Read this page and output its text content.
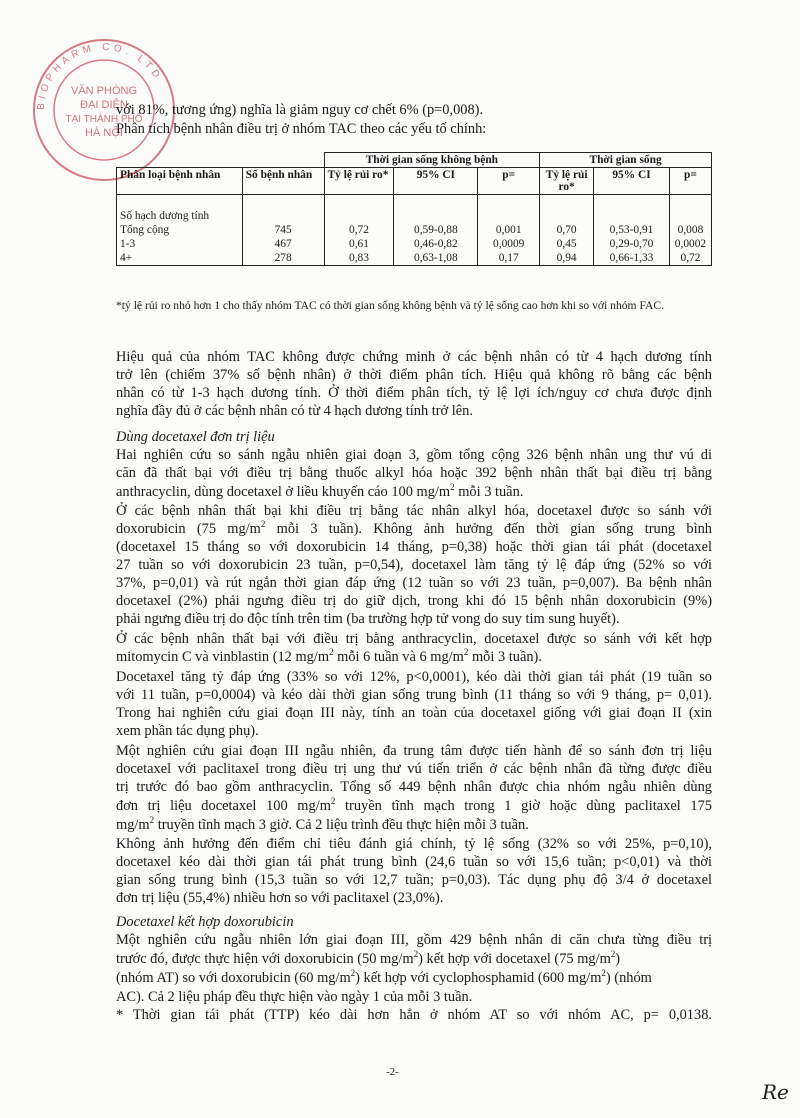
BIOPHARM CO. LTD
VĂN PHÒNG
ĐẠI DIỆN
TẠI THÀNH PHỐ
HÀ NỘI
với 81%, tương ứng) nghĩa là giảm nguy cơ chết 6% (p=0,008).
Phân tích bệnh nhân điều trị ở nhóm TAC theo các yếu tố chính:
		Thời gian sống không bệnh			Thời gian sống		
Phân loại bệnh nhân	Số bệnh nhân	Tỷ lệ rủi ro*	95% CI	p=	Tỷ lệ rủi ro*	95% CI	p=

Số hạch dương tính							
Tổng cộng	745	0,72	0,59-0,88	0,001	0,70	0,53-0,91	0,008
1-3	467	0,61	0,46-0,82	0,0009	0,45	0,29-0,70	0,0002
4+	278	0,83	0,63-1,08	0,17	0,94	0,66-1,33	0,72
*tỷ lệ rủi ro nhỏ hơn 1 cho thấy nhóm TAC có thời gian sống không bệnh và tỷ lệ sống cao hơn khi so với nhóm FAC.
Hiệu quả của nhóm TAC không được chứng minh ở các bệnh nhân có từ 4 hạch dương tính
trở lên (chiếm 37% số bệnh nhân) ở thời điểm phân tích. Hiệu quả không rõ bằng các bệnh
nhân có từ 1-3 hạch dương tính. Ở thời điểm phân tích, tỷ lệ lợi ích/nguy cơ chưa được định
nghĩa đầy đủ ở các bệnh nhân có từ 4 hạch dương tính trở lên.
Dùng docetaxel đơn trị liệu
Hai nghiên cứu so sánh ngẫu nhiên giai đoạn 3, gồm tổng cộng 326 bệnh nhân ung thư vú di
căn đã thất bại với điều trị bằng thuốc alkyl hóa hoặc 392 bệnh nhân thất bại điều trị bằng
anthracyclin, dùng docetaxel ở liều khuyến cáo 100 $mg/m^2$ mỗi 3 tuần.
Ở các bệnh nhân thất bại khi điều trị bằng tác nhân alkyl hóa, docetaxel được so sánh với
doxorubicin (75 $mg/m^2$ mỗi 3 tuần). Không ảnh hưởng đến thời gian sống trung bình
(docetaxel 15 tháng so với doxorubicin 14 tháng, p=0,38) hoặc thời gian tái phát (docetaxel
27 tuần so với doxorubicin 23 tuần, p=0,54), docetaxel làm tăng tỷ lệ đáp ứng (52% so với
37%, p=0,01) và rút ngắn thời gian đáp ứng (12 tuần so với 23 tuần, p=0,007). Ba bệnh nhân
docetaxel (2%) phải ngưng điều trị do giữ dịch, trong khi đó 15 bệnh nhân doxorubicin (9%)
phải ngưng điều trị do độc tính trên tim (ba trường hợp tử vong do suy tim sung huyết).
Ở các bệnh nhân thất bại với điều trị bằng anthracyclin, docetaxel được so sánh với kết hợp
mitomycin C và vinblastin (12 $mg/m^2$ mỗi 6 tuần và 6 $mg/m^2$ mỗi 3 tuần).
Docetaxel tăng tỷ đáp ứng (33% so với 12%, p<0,0001), kéo dài thời gian tái phát (19 tuần so
với 11 tuần, p=0,0004) và kéo dài thời gian sống trung bình (11 tháng so với 9 tháng, p= 0,01).
Trong hai nghiên cứu giai đoạn III này, tính an toàn của docetaxel giống với giai đoạn II (xin
xem phần tác dụng phụ).
Một nghiên cứu giai đoạn III ngẫu nhiên, đa trung tâm được tiến hành để so sánh đơn trị liệu
docetaxel với paclitaxel trong điều trị ung thư vú tiến triển ở các bệnh nhân đã từng được điều
trị trước đó bao gồm anthracyclin. Tổng số 449 bệnh nhân được chia nhóm ngẫu nhiên dùng
đơn trị liệu docetaxel 100 $mg/m^2$ truyền tĩnh mạch trong 1 giờ hoặc dùng paclitaxel 175
$mg/m^2$ truyền tĩnh mạch 3 giờ. Cả 2 liệu trình đều thực hiện mỗi 3 tuần.
Không ảnh hưởng đến điểm chỉ tiêu đánh giá chính, tỷ lệ sống (32% so với 25%, p=0,10),
docetaxel kéo dài thời gian tái phát trung bình (24,6 tuần so với 15,6 tuần; p<0,01) và thời
gian sống trung bình (15,3 tuần so với 12,7 tuần; p=0,03). Tác dụng phụ độ 3/4 ở docetaxel
đơn trị liệu (55,4%) nhiều hơn so với paclitaxel (23,0%).
Docetaxel kết hợp doxorubicin
Một nghiên cứu ngẫu nhiên lớn giai đoạn III, gồm 429 bệnh nhân di căn chưa từng điều trị
trước đó, được thực hiện với doxorubicin (50 $mg/m^2$) kết hợp với docetaxel (75 $mg/m^2$)
(nhóm AT) so với doxorubicin (60 $mg/m^2$) kết hợp với cyclophosphamid (600 $mg/m^2$) (nhóm
AC). Cả 2 liệu pháp đều thực hiện vào ngày 1 của mỗi 3 tuần.
* Thời gian tái phát (TTP) kéo dài hơn hẳn ở nhóm AT so với nhóm AC, p= 0,0138.
-2-
Re
